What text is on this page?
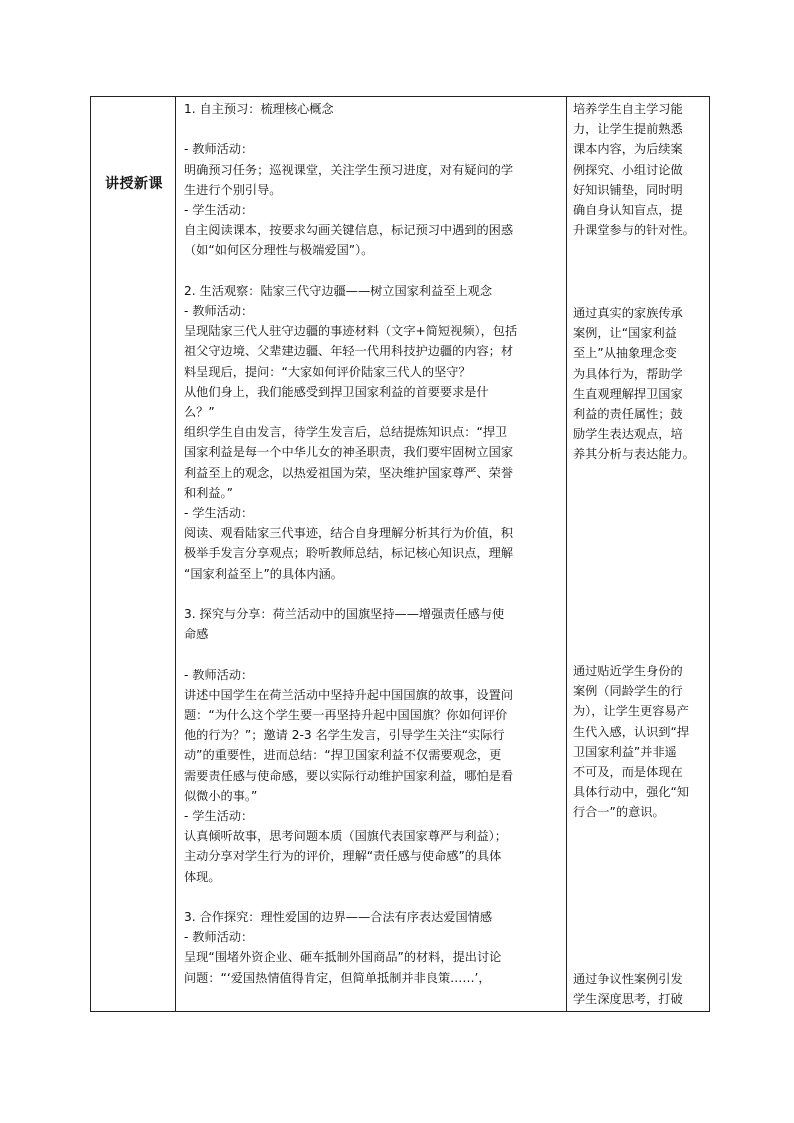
讲授新课

1. 自主预习：梳理核心概念

- 教师活动：

明确预习任务；巡视课堂，关注学生预习进度，对有疑问的学

生进行个别引导。

- 学生活动：

自主阅读课本，按要求勾画关键信息，标记预习中遇到的困惑

（如“如何区分理性与极端爱国”）。

2. 生活观察：陆家三代守边疆——树立国家利益至上观念

- 教师活动：

呈现陆家三代人驻守边疆的事迹材料（文字+简短视频），包括

祖父守边境、父辈建边疆、年轻一代用科技护边疆的内容；材

料呈现后，提问：“大家如何评价陆家三代人的坚守？

从他们身上，我们能感受到捍卫国家利益的首要要求是什

么？”

组织学生自由发言，待学生发言后，总结提炼知识点：“捍卫

国家利益是每一个中华儿女的神圣职责，我们要牢固树立国家

利益至上的观念，以热爱祖国为荣，坚决维护国家尊严、荣誉

和利益。”

- 学生活动：

阅读、观看陆家三代事迹，结合自身理解分析其行为价值，积

极举手发言分享观点；聆听教师总结，标记核心知识点，理解

“国家利益至上”的具体内涵。

3. 探究与分享：荷兰活动中的国旗坚持——增强责任感与使

命感

- 教师活动：

讲述中国学生在荷兰活动中坚持升起中国国旗的故事，设置问

题：“为什么这个学生要一再坚持升起中国国旗？你如何评价

他的行为？”；邀请 2-3 名学生发言，引导学生关注“实际行

动”的重要性，进而总结：“捍卫国家利益不仅需要观念，更

需要责任感与使命感，要以实际行动维护国家利益，哪怕是看

似微小的事。”

- 学生活动：

认真倾听故事，思考问题本质（国旗代表国家尊严与利益）；

主动分享对学生行为的评价，理解“责任感与使命感”的具体

体现。

3. 合作探究：理性爱国的边界——合法有序表达爱国情感

- 教师活动：

呈现“围堵外资企业、砸车抵制外国商品”的材料，提出讨论

问题：“‘爱国热情值得肯定，但简单抵制并非良策……’，

培养学生自主学习能

力，让学生提前熟悉

课本内容，为后续案

例探究、小组讨论做

好知识铺垫，同时明

确自身认知盲点，提

升课堂参与的针对性。

通过真实的家族传承

案例，让“国家利益

至上”从抽象理念变

为具体行为，帮助学

生直观理解捍卫国家

利益的责任属性；鼓

励学生表达观点，培

养其分析与表达能力。

通过贴近学生身份的

案例（同龄学生的行

为），让学生更容易产

生代入感，认识到“捍

卫国家利益”并非遥

不可及，而是体现在

具体行动中，强化“知

行合一”的意识。

通过争议性案例引发

学生深度思考，打破
